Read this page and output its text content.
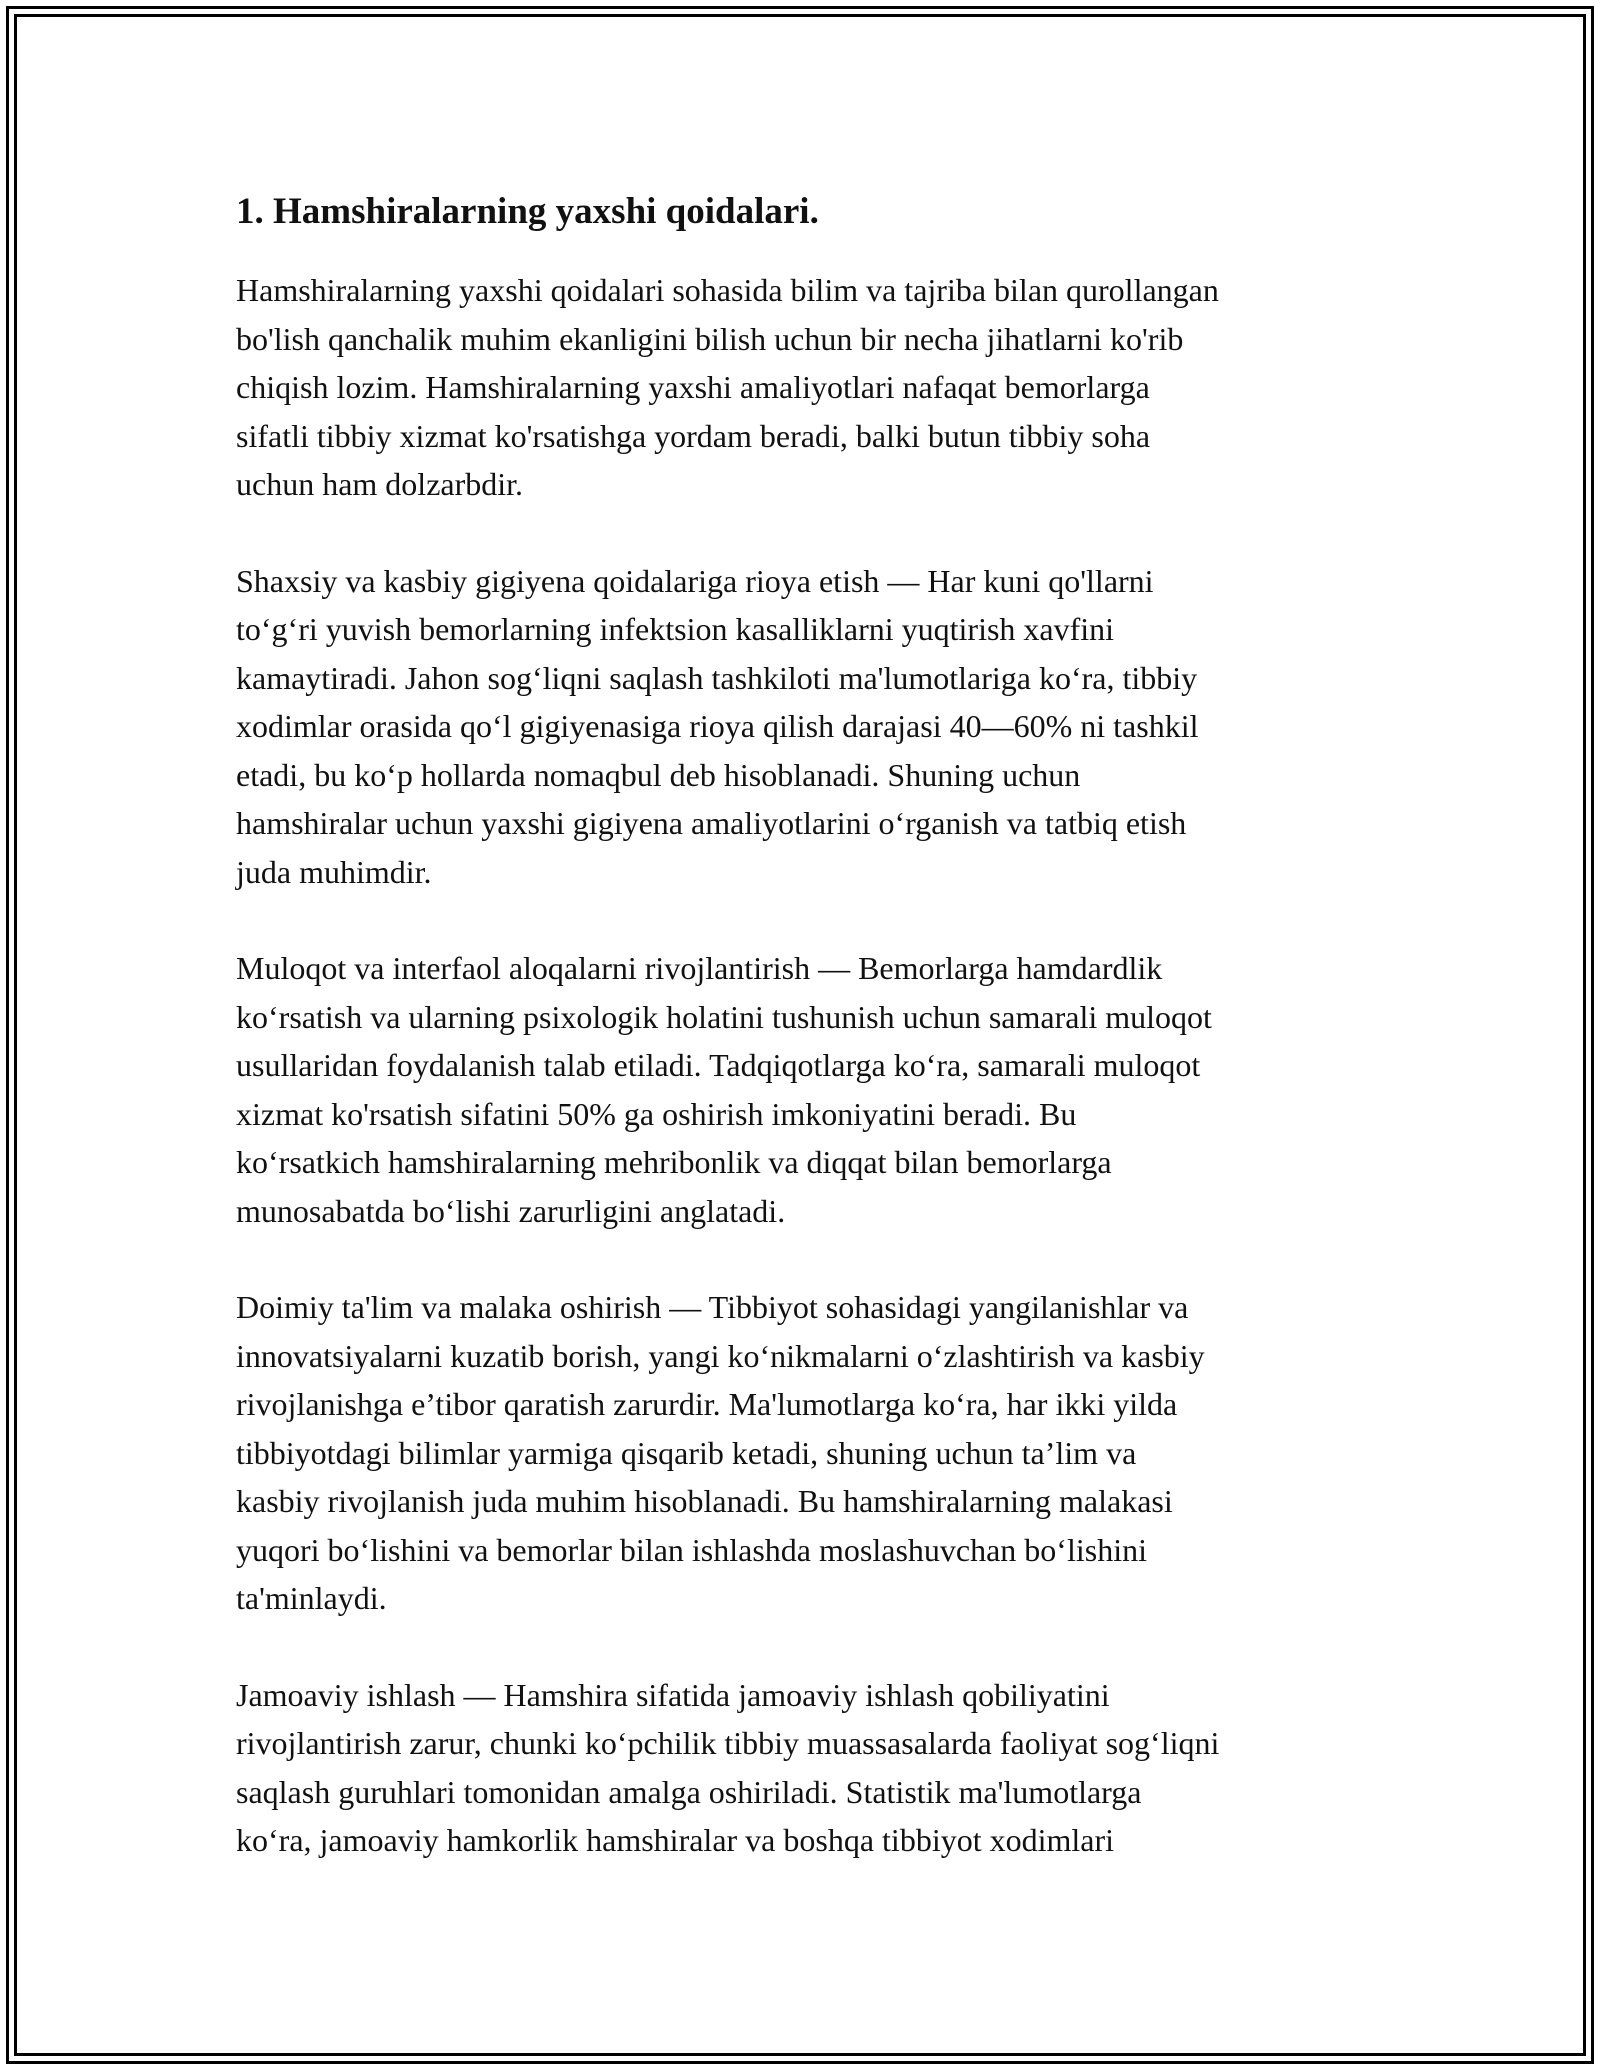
1. Hamshiralarning yaxshi qoidalari.

Hamshiralarning yaxshi qoidalari sohasida bilim va tajriba bilan qurollangan
bo'lish qanchalik muhim ekanligini bilish uchun bir necha jihatlarni ko'rib
chiqish lozim. Hamshiralarning yaxshi amaliyotlari nafaqat bemorlarga
sifatli tibbiy xizmat ko'rsatishga yordam beradi, balki butun tibbiy soha
uchun ham dolzarbdir.

Shaxsiy va kasbiy gigiyena qoidalariga rioya etish — Har kuni qo'llarni
to‘g‘ri yuvish bemorlarning infektsion kasalliklarni yuqtirish xavfini
kamaytiradi. Jahon sog‘liqni saqlash tashkiloti ma'lumotlariga ko‘ra, tibbiy
xodimlar orasida qo‘l gigiyenasiga rioya qilish darajasi 40—60% ni tashkil
etadi, bu ko‘p hollarda nomaqbul deb hisoblanadi. Shuning uchun
hamshiralar uchun yaxshi gigiyena amaliyotlarini o‘rganish va tatbiq etish
juda muhimdir.

Muloqot va interfaol aloqalarni rivojlantirish — Bemorlarga hamdardlik
ko‘rsatish va ularning psixologik holatini tushunish uchun samarali muloqot
usullaridan foydalanish talab etiladi. Tadqiqotlarga ko‘ra, samarali muloqot
xizmat ko'rsatish sifatini 50% ga oshirish imkoniyatini beradi. Bu
ko‘rsatkich hamshiralarning mehribonlik va diqqat bilan bemorlarga
munosabatda bo‘lishi zarurligini anglatadi.

Doimiy ta'lim va malaka oshirish — Tibbiyot sohasidagi yangilanishlar va
innovatsiyalarni kuzatib borish, yangi ko‘nikmalarni o‘zlashtirish va kasbiy
rivojlanishga e’tibor qaratish zarurdir. Ma'lumotlarga ko‘ra, har ikki yilda
tibbiyotdagi bilimlar yarmiga qisqarib ketadi, shuning uchun ta’lim va
kasbiy rivojlanish juda muhim hisoblanadi. Bu hamshiralarning malakasi
yuqori bo‘lishini va bemorlar bilan ishlashda moslashuvchan bo‘lishini
ta'minlaydi.

Jamoaviy ishlash — Hamshira sifatida jamoaviy ishlash qobiliyatini
rivojlantirish zarur, chunki ko‘pchilik tibbiy muassasalarda faoliyat sog‘liqni
saqlash guruhlari tomonidan amalga oshiriladi. Statistik ma'lumotlarga
ko‘ra, jamoaviy hamkorlik hamshiralar va boshqa tibbiyot xodimlari
